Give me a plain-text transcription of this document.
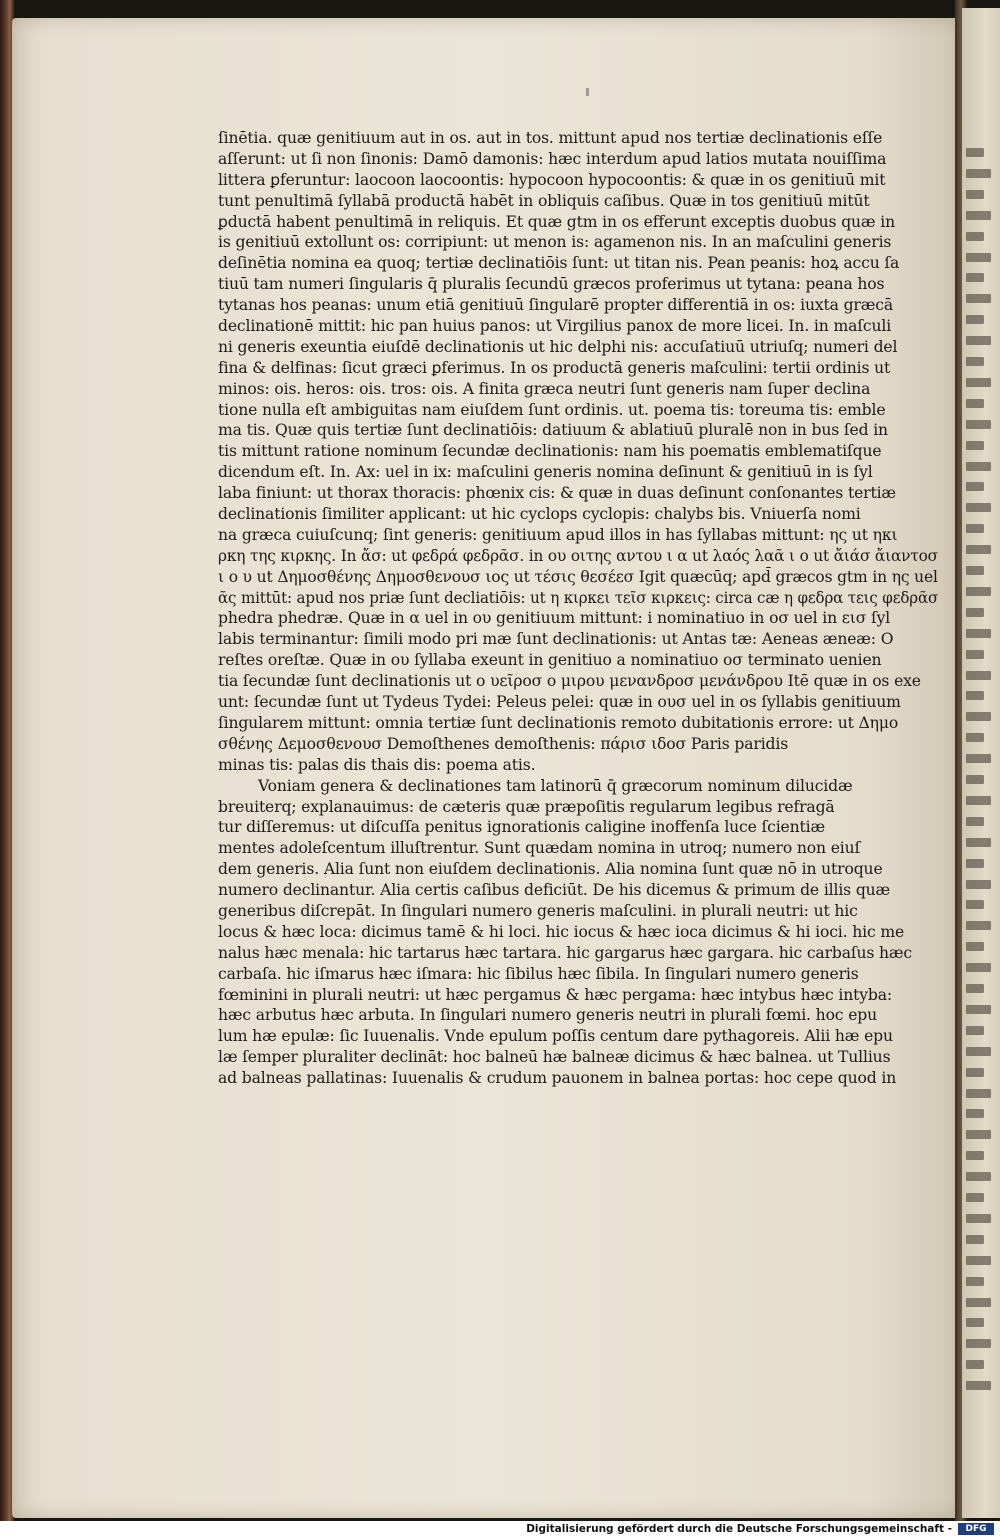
ſinētia. quæ genitiuum aut in os. aut in tos. mittunt apud nos tertiæ declinationis eſſe
aſſerunt: ut ſi non ſinonis: Damō damonis: hæc interdum apud latios mutata nouiſſima
littera ꝑferuntur: laocoon laocoontis: hypocoon hypocoontis: & quæ in os genitiuū mit
tunt penultimā ſyllabā productā habēt in obliquis caſibus. Quæ in tos genitiuū mitūt
ꝑductā habent penultimā in reliquis. Et quæ gtm in os efferunt exceptis duobus quæ in
is genitiuū extollunt os: corripiunt: ut menon is: agamenon nis. In an maſculini generis
deſinētia nomina ea quoq; tertiæ declinatiōis ſunt: ut titan nis. Pean peanis: hoꝝ accu ſa
tiuū tam numeri ſingularis q̄ pluralis ſecundū græcos proferimus ut tytana: peana hos
tytanas hos peanas: unum etiā genitiuū ſingularē propter differentiā in os: iuxta græcā
declinationē mittit: hic pan huius panos: ut Virgilius panox de more licei. In. in maſculi
ni generis exeuntia eiuſdē declinationis ut hic delphi nis: accuſatiuū utriuſq; numeri del
fina & delfinas: ſicut græci ꝑferimus. In os productā generis maſculini: tertii ordinis ut
minos: ois. heros: ois. tros: ois. A finita græca neutri ſunt generis nam ſuper declina
tione nulla eſt ambiguitas nam eiuſdem ſunt ordinis. ut. poema tis: toreuma tis: emble
ma tis. Quæ quis tertiæ ſunt declinatiōis: datiuum & ablatiuū pluralē non in bus ſed in
tis mittunt ratione nominum ſecundæ declinationis: nam his poematis emblematiſque
dicendum eſt. In. Ax: uel in ix: maſculini generis nomina deſinunt & genitiuū in is ſyl
laba finiunt: ut thorax thoracis: phœnix cis: & quæ in duas deſinunt conſonantes tertiæ
declinationis ſimiliter applicant: ut hic cyclops cyclopis: chalybs bis. Vniuerſa nomi
na græca cuiuſcunq; ſint generis: genitiuum apud illos in has ſyllabas mittunt: ης ut ηκι
ρκη της κιρκης. In ἄσ: ut φεδρά φεδρᾶσ. in ου οιτης αντου ι α ut λαός λαᾶ ι ο ut ἄιάσ ἄιαντοσ
ι ο υ ut Δημοσθένης Δημοσθενουσ ιος ut τέσις θεσέεσ Igit quæcūq; apd̄ græcos gtm in ης uel
ᾶς mittūt: apud nos priæ ſunt decliatiōis: ut η κιρκει τεῖσ κιρκεις: circa cæ η φεδρα τεις φεδρᾶσ
phedra phedræ. Quæ in α uel in ου genitiuum mittunt: i nominatiuo in οσ uel in εισ ſyl
labis terminantur: ſimili modo pri mæ ſunt declinationis: ut Antas tæ: Aeneas æneæ: O
reſtes oreſtæ. Quæ in ου ſyllaba exeunt in genitiuo a nominatiuo οσ terminato uenien
tia ſecundæ ſunt declinationis ut ο υεῖροσ ο μιρου μενανδροσ μενάνδρου Itē quæ in os exe
unt: ſecundæ ſunt ut Tydeus Tydei: Peleus pelei: quæ in ουσ uel in os ſyllabis genitiuum
ſingularem mittunt: omnia tertiæ ſunt declinationis remoto dubitationis errore: ut Δημο
σθένης Δεμοσθενουσ Demoſthenes demoſthenis: πάρισ ιδοσ Paris paridis
minas tis: palas dis thais dis: poema atis.
Voniam genera & declinationes tam latinorū q̄ græcorum nominum dilucidæ
breuiterq; explanauimus: de cæteris quæ præpoſitis regularum legibus refragā
tur diſſeremus: ut diſcuſſa penitus ignorationis caligine inoffenſa luce ſcientiæ
mentes adoleſcentum illuſtrentur. Sunt quædam nomina in utroq; numero non eiuſ
dem generis. Alia ſunt non eiuſdem declinationis. Alia nomina ſunt quæ nō in utroque
numero declinantur. Alia certis caſibus deficiūt. De his dicemus & primum de illis quæ
generibus diſcrepāt. In ſingulari numero generis maſculini. in plurali neutri: ut hic
locus & hæc loca: dicimus tamē & hi loci. hic iocus & hæc ioca dicimus & hi ioci. hic me
nalus hæc menala: hic tartarus hæc tartara. hic gargarus hæc gargara. hic carbaſus hæc
carbaſa. hic iſmarus hæc iſmara: hic ſibilus hæc ſibila. In ſingulari numero generis
fœminini in plurali neutri: ut hæc pergamus & hæc pergama: hæc intybus hæc intyba:
hæc arbutus hæc arbuta. In ſingulari numero generis neutri in plurali fœmi. hoc epu
lum hæ epulæ: ſic Iuuenalis. Vnde epulum poſſis centum dare pythagoreis. Alii hæ epu
læ ſemper pluraliter declināt: hoc balneū hæ balneæ dicimus & hæc balnea. ut Tullius
ad balneas pallatinas: Iuuenalis & crudum pauonem in balnea portas: hoc cepe quod in
Digitalisierung gefördert durch die Deutsche Forschungsgemeinschaft -	DFG
